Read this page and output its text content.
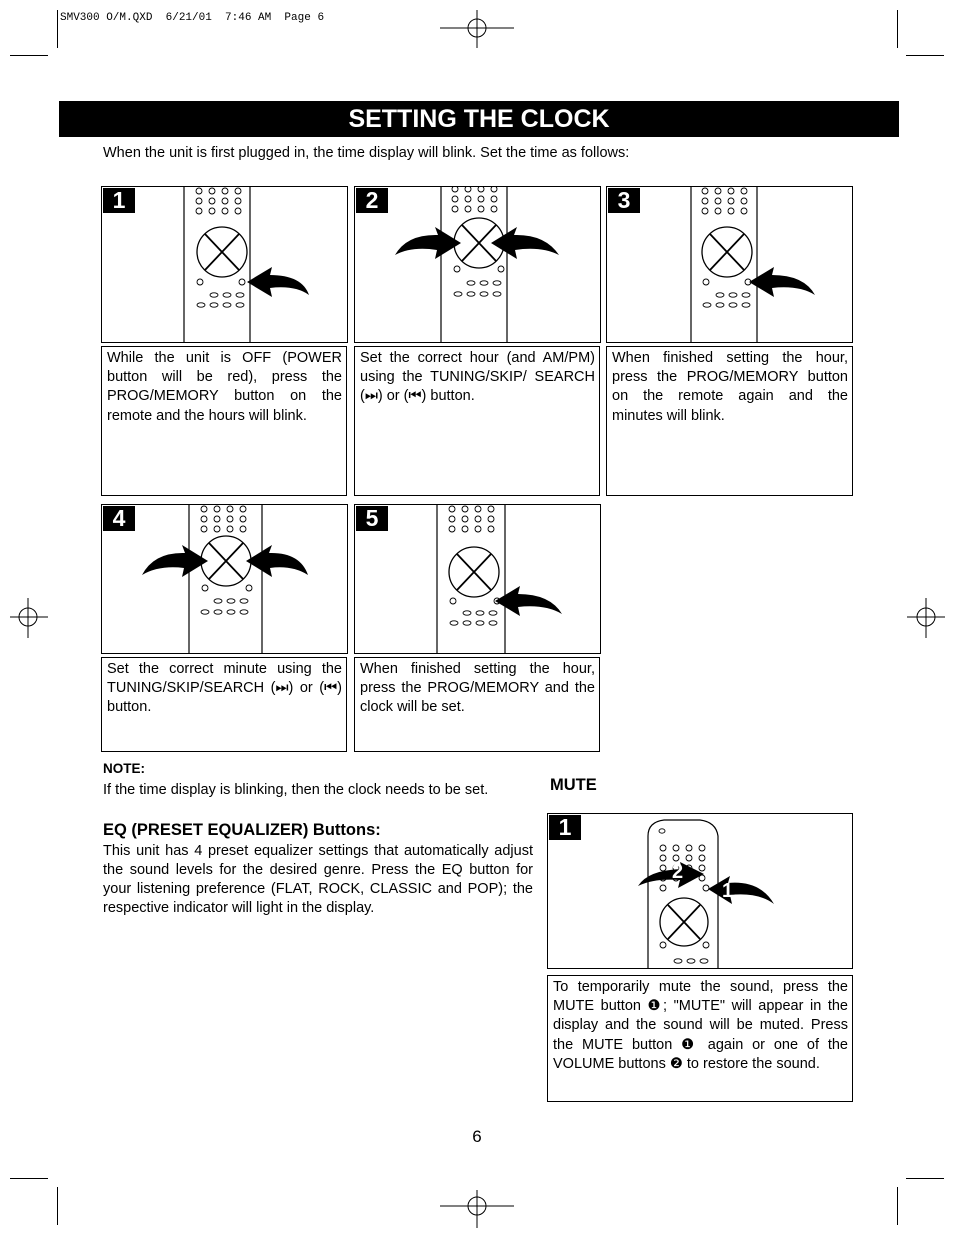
SMV300 O/M.QXD  6/21/01  7:46 AM  Page 6
SETTING THE CLOCK
When the unit is first plugged in, the time display will blink. Set the time as follows:
1
While the unit is OFF (POWER button will be red), press the PROG/MEMORY button on the remote and the hours will blink.
2
Set the correct hour (and AM/PM) using the TUNING/SKIP/ SEARCH (⏭) or (⏮) button.
3
When finished setting the hour, press the PROG/MEMORY button on the remote again and the minutes will blink.
4
Set the correct minute using the TUNING/SKIP/SEARCH (⏭) or (⏮) button.
5
When finished setting the hour, press the PROG/MEMORY and the clock will be set.
NOTE:
If the time display is blinking, then the clock needs to be set.
EQ (PRESET EQUALIZER) Buttons:
This unit has 4 preset equalizer settings that automatically adjust the sound levels for the desired genre. Press the EQ button for your listening preference (FLAT, ROCK, CLASSIC and POP); the respective indicator will light in the display.
MUTE
1
2
1
To temporarily mute the sound, press the MUTE button ❶; "MUTE" will appear in the display and the sound will be muted. Press the MUTE button ❶ again or one of the VOLUME buttons ❷ to restore the sound.
6
